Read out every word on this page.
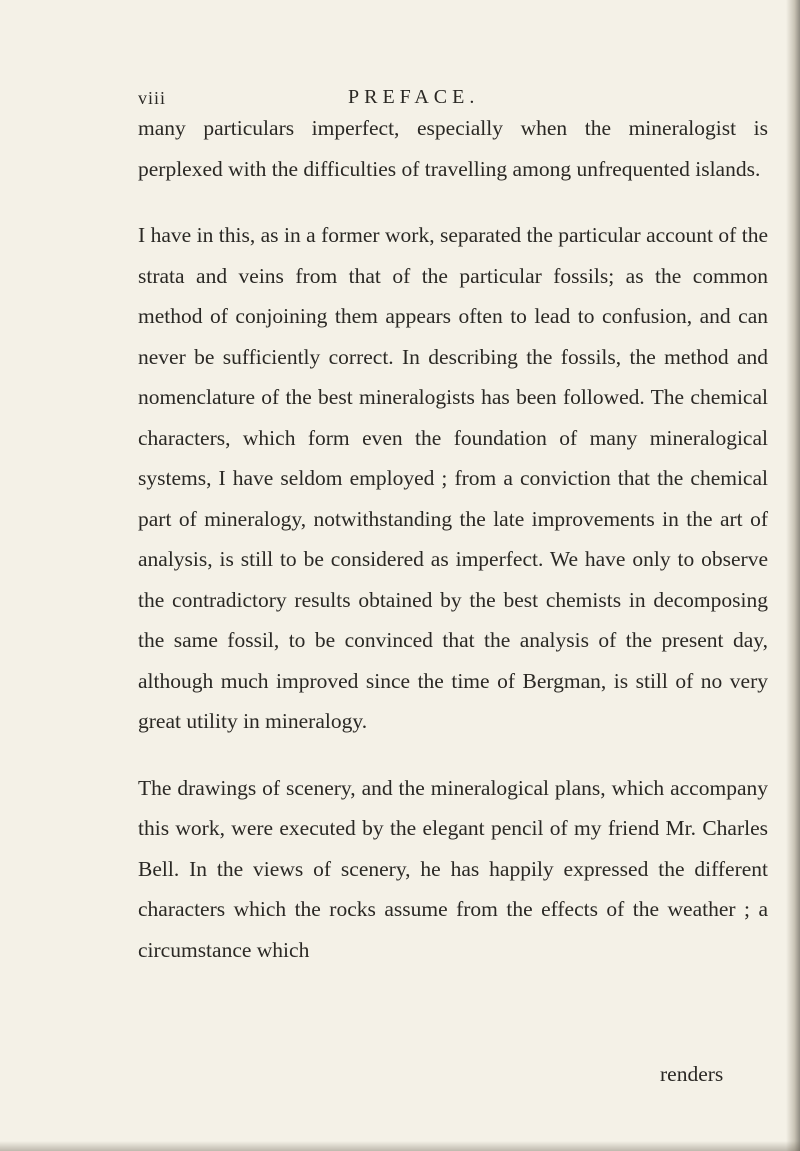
viii	PREFACE.

many particulars imperfect, especially when the mineralogist is perplexed with the difficulties of travelling among unfrequented islands.

I have in this, as in a former work, separated the particular account of the strata and veins from that of the particular fossils; as the common method of conjoining them appears often to lead to confusion, and can never be sufficiently correct. In describing the fossils, the method and nomenclature of the best mineralogists has been followed. The chemical characters, which form even the foundation of many mineralogical systems, I have seldom employed ; from a conviction that the chemical part of mineralogy, notwithstanding the late improvements in the art of analysis, is still to be considered as imperfect. We have only to observe the contradictory results obtained by the best chemists in decomposing the same fossil, to be convinced that the analysis of the present day, although much improved since the time of Bergman, is still of no very great utility in mineralogy.

The drawings of scenery, and the mineralogical plans, which accompany this work, were executed by the elegant pencil of my friend Mr. Charles Bell. In the views of scenery, he has happily expressed the different characters which the rocks assume from the effects of the weather ; a circumstance which

renders
